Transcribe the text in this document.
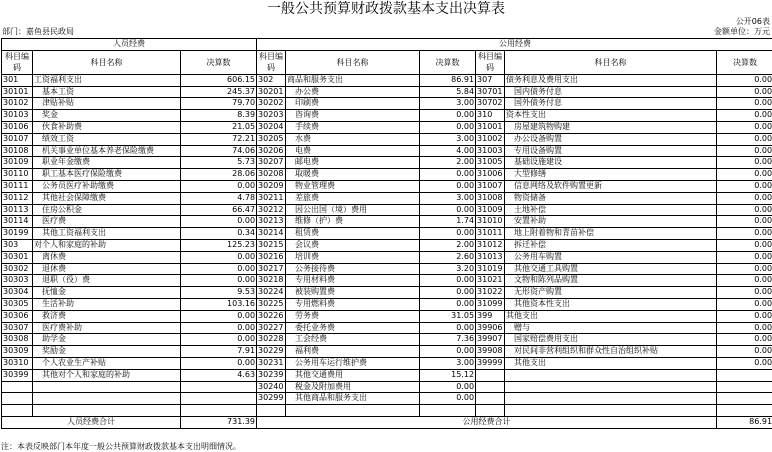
一般公共预算财政拨款基本支出决算表
公开06表
部门：嘉鱼县民政局	金额单位：万元
人员经费			公用经费					
科目编码	科目名称	决算数	科目编码	科目名称	决算数	科目编码	科目名称	决算数
301	工资福利支出	606.15	302	商品和服务支出	86.91	307	债务利息及费用支出	0.00
30101	　基本工资	245.37	30201	　办公费	5.84	30701	　国内债务付息	0.00
30102	　津贴补贴	79.70	30202	　印刷费	3.00	30702	　国外债务付息	0.00
30103	　奖金	8.39	30203	　咨询费	0.00	310	资本性支出	0.00
30106	　伙食补助费	21.05	30204	　手续费	0.00	31001	　房屋建筑物购建	0.00
30107	　绩效工资	72.21	30205	　水费	3.00	31002	　办公设备购置	0.00
30108	　机关事业单位基本养老保险缴费	74.06	30206	　电费	4.00	31003	　专用设备购置	0.00
30109	　职业年金缴费	5.73	30207	　邮电费	2.00	31005	　基础设施建设	0.00
30110	　职工基本医疗保险缴费	28.06	30208	　取暖费	0.00	31006	　大型修缮	0.00
30111	　公务员医疗补助缴费	0.00	30209	　物业管理费	0.00	31007	　信息网络及软件购置更新	0.00
30112	　其他社会保障缴费	4.78	30211	　差旅费	3.00	31008	　物资储备	0.00
30113	　住房公积金	66.47	30212	　因公出国（境）费用	0.00	31009	　土地补偿	0.00
30114	　医疗费	0.00	30213	　维修（护）费	1.74	31010	　安置补助	0.00
30199	　其他工资福利支出	0.34	30214	　租赁费	0.00	31011	　地上附着物和青苗补偿	0.00
303	对个人和家庭的补助	125.23	30215	　会议费	2.00	31012	　拆迁补偿	0.00
30301	　离休费	0.00	30216	　培训费	2.60	31013	　公务用车购置	0.00
30302	　退休费	0.00	30217	　公务接待费	3.20	31019	　其他交通工具购置	0.00
30303	　退职（役）费	0.00	30218	　专用材料费	0.00	31021	　文物和陈列品购置	0.00
30304	　抚恤金	9.53	30224	　被装购置费	0.00	31022	　无形资产购置	0.00
30305	　生活补助	103.16	30225	　专用燃料费	0.00	31099	　其他资本性支出	0.00
30306	　救济费	0.00	30226	　劳务费	31.05	399	其他支出	0.00
30307	　医疗费补助	0.00	30227	　委托业务费	0.00	39906	　赠与	0.00
30308	　助学金	0.00	30228	　工会经费	7.36	39907	　国家赔偿费用支出	0.00
30309	　奖励金	7.91	30229	　福利费	0.00	39908	　对民间非营利组织和群众性自治组织补贴	0.00
30310	　个人农业生产补贴	0.00	30231	　公务用车运行维护费	3.00	39999	　其他支出	0.00
30399	　其他对个人和家庭的补助	4.63	30239	　其他交通费用	15.12			
			30240	　税金及附加费用	0.00			
			30299	　其他商品和服务支出	0.00			

人员经费合计		731.39	公用经费合计					86.91
注：本表反映部门本年度一般公共预算财政拨款基本支出明细情况。
